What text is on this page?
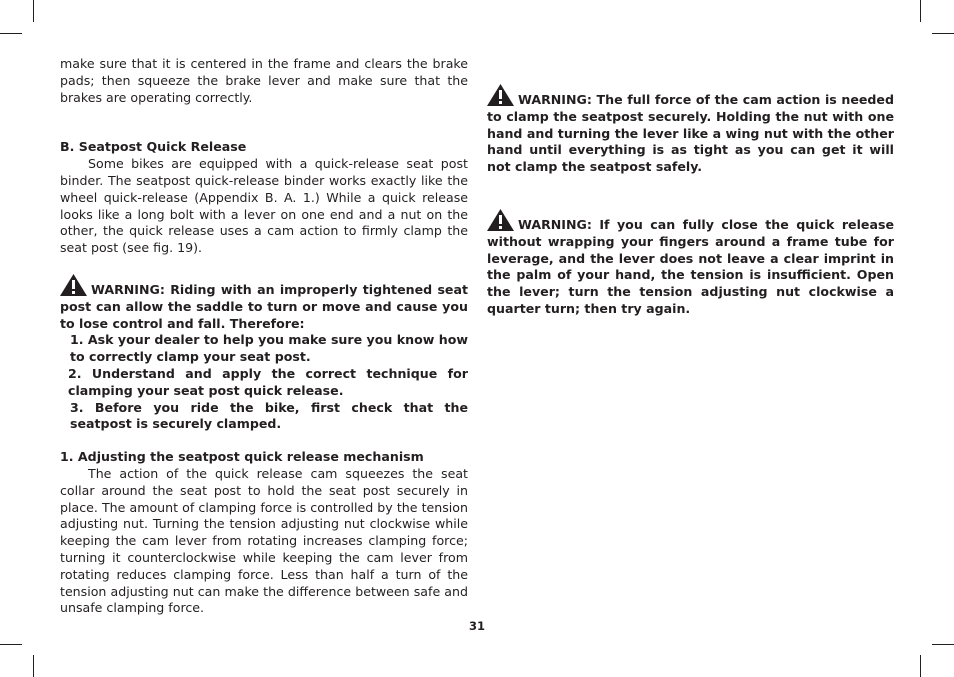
make sure that it is centered in the frame and clears the brake pads; then squeeze the brake lever and make sure that the brakes are operating correctly.

B. Seatpost Quick Release

Some bikes are equipped with a quick-release seat post binder. The seatpost quick-release binder works exactly like the wheel quick-release (Appendix B. A. 1.) While a quick release looks like a long bolt with a lever on one end and a nut on the other, the quick release uses a cam action to firmly clamp the seat post (see fig. 19).

WARNING: Riding with an improperly tightened seat post can allow the saddle to turn or move and cause you to lose control and fall. Therefore:

1. Ask your dealer to help you make sure you know how to correctly clamp your seat post.

2. Understand and apply the correct technique for clamping your seat post quick release.

3. Before you ride the bike, first check that the seatpost is securely clamped.

1. Adjusting the seatpost quick release mechanism

The action of the quick release cam squeezes the seat collar around the seat post to hold the seat post securely in place. The amount of clamping force is controlled by the tension adjusting nut. Turning the tension adjusting nut clockwise while keeping the cam lever from rotating increases clamping force; turning it counterclockwise while keeping the cam lever from rotating reduces clamping force. Less than half a turn of the tension adjusting nut can make the difference between safe and unsafe clamping force.

WARNING: The full force of the cam action is needed to clamp the seatpost securely. Holding the nut with one hand and turning the lever like a wing nut with the other hand until everything is as tight as you can get it will not clamp the seatpost safely.

WARNING: If you can fully close the quick release without wrapping your fingers around a frame tube for leverage, and the lever does not leave a clear imprint in the palm of your hand, the tension is insufficient. Open the lever; turn the tension adjusting nut clockwise a quarter turn; then try again.

31
